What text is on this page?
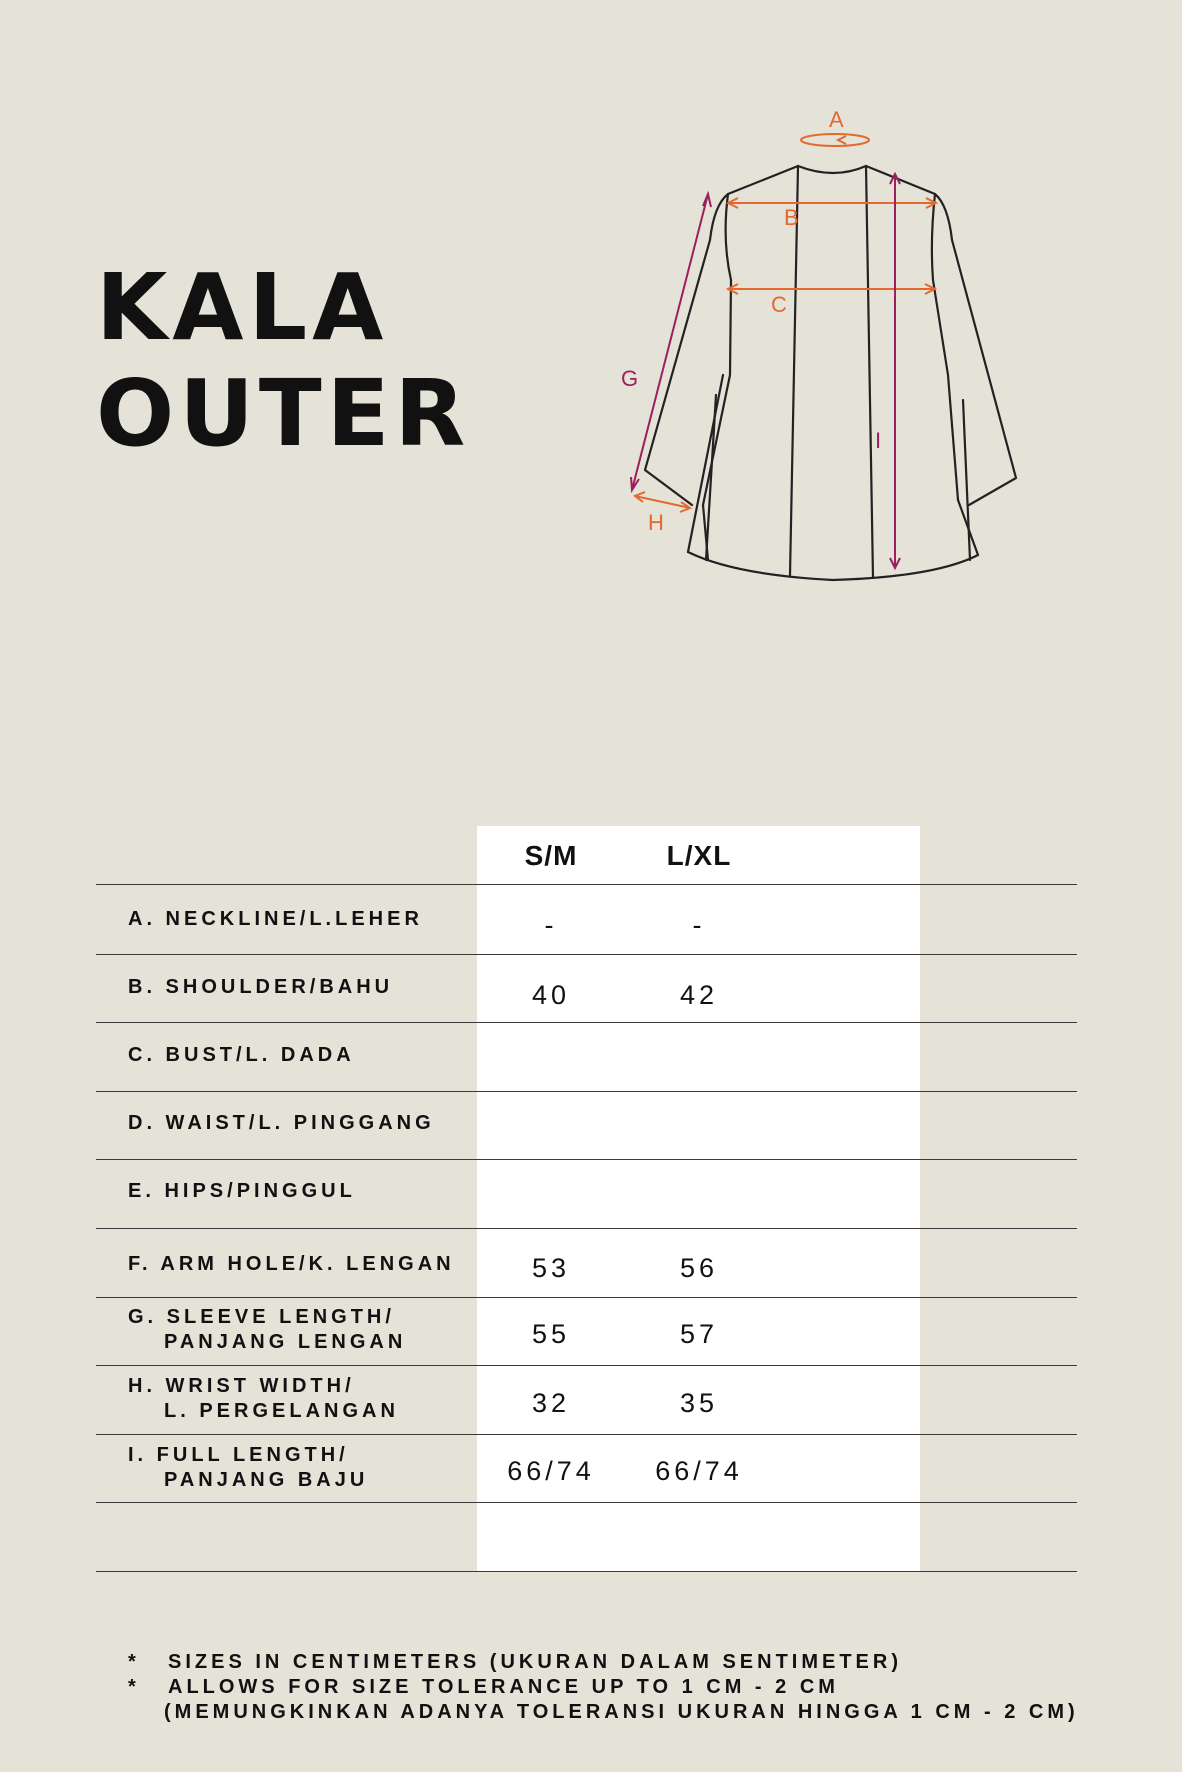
KALA
OUTER
A
B
C
G
H
I
S/M	L/XL
A. NECKLINE/L.LEHER	-	-
B. SHOULDER/BAHU	40	42
C. BUST/L. DADA
D. WAIST/L. PINGGANG
E. HIPS/PINGGUL
F. ARM HOLE/K. LENGAN	53	56
G. SLEEVE LENGTH/
PANJANG LENGAN	55	57
H. WRIST WIDTH/
L. PERGELANGAN	32	35
I. FULL LENGTH/
PANJANG BAJU	66/74	66/74
* SIZES IN CENTIMETERS (UKURAN DALAM SENTIMETER)
* ALLOWS FOR SIZE TOLERANCE UP TO 1 CM - 2 CM
(MEMUNGKINKAN ADANYA TOLERANSI UKURAN HINGGA 1 CM - 2 CM)
